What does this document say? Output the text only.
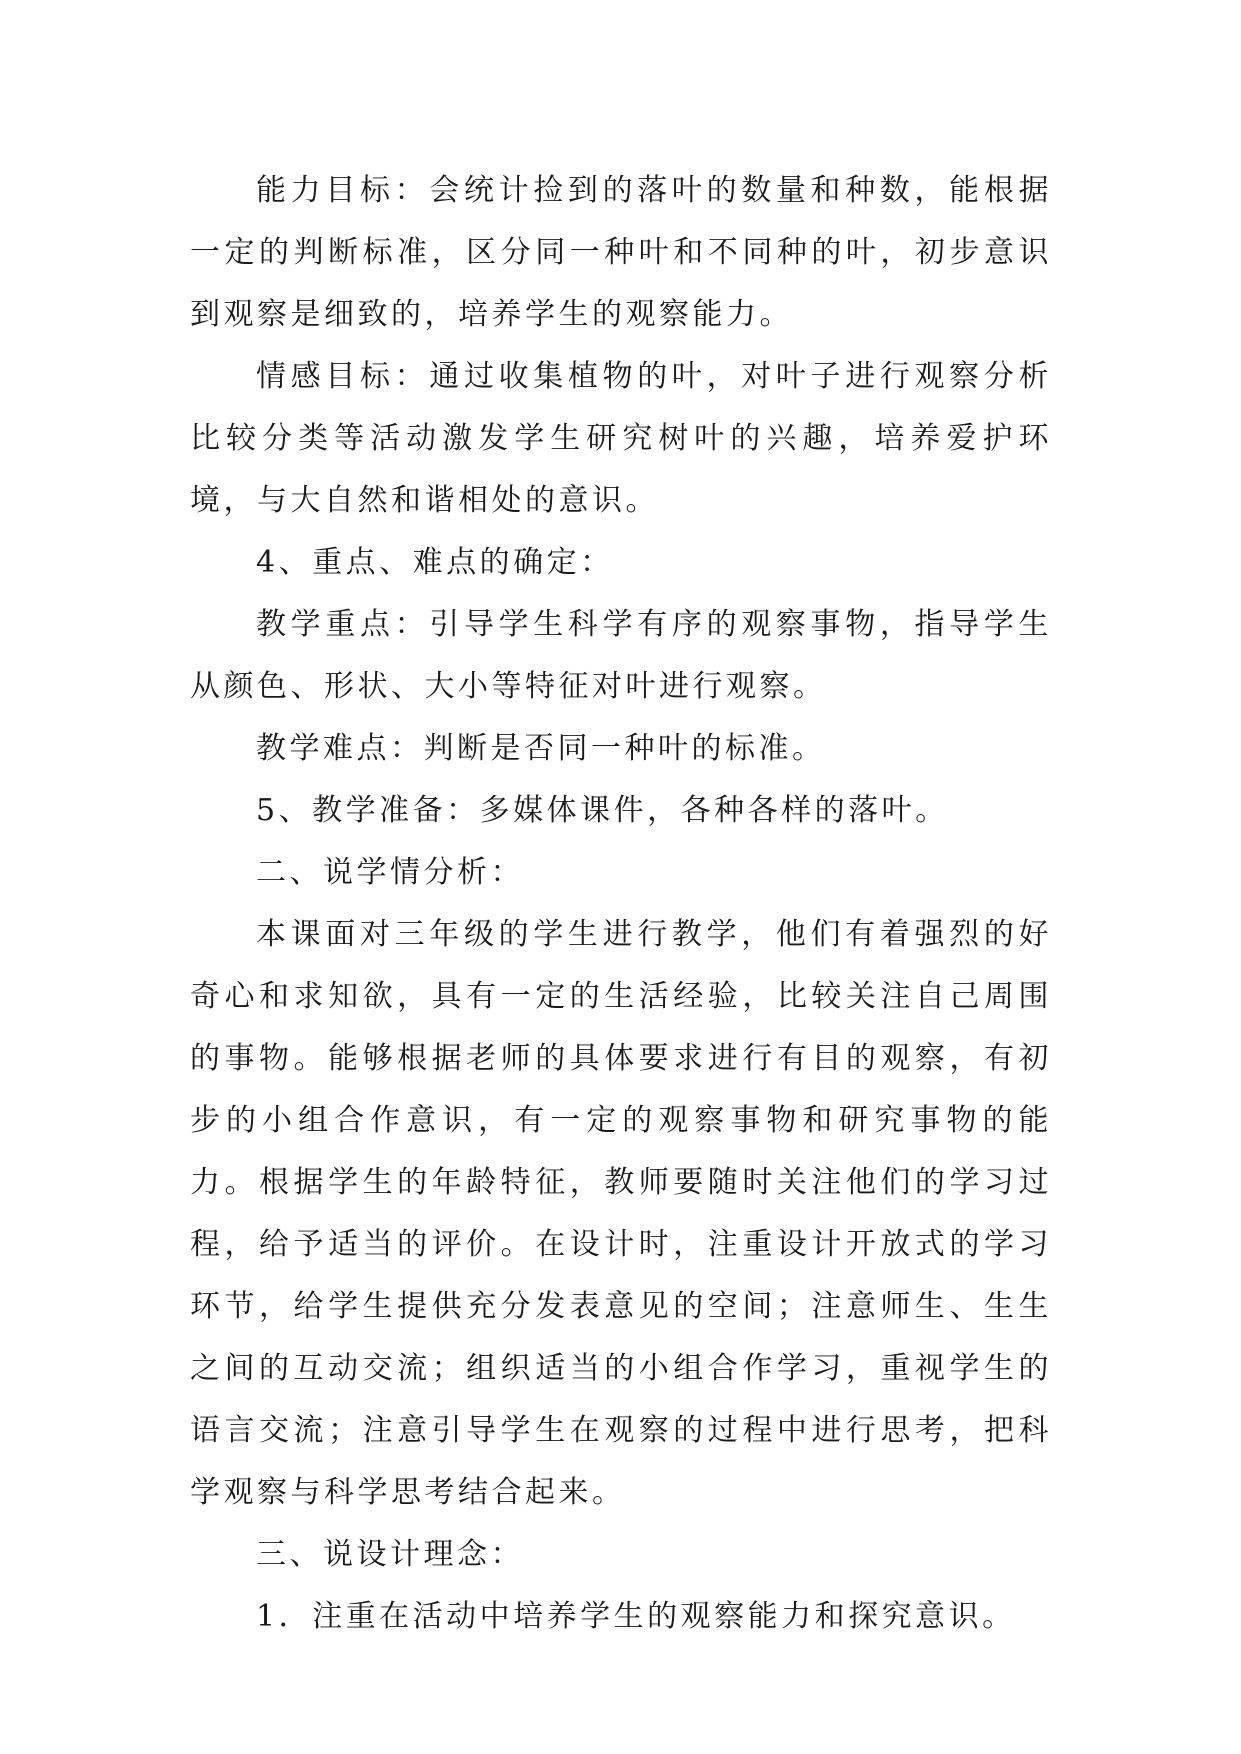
能力目标：会统计捡到的落叶的数量和种数，能根据一定的判断标准，区分同一种叶和不同种的叶，初步意识到观察是细致的，培养学生的观察能力。

情感目标：通过收集植物的叶，对叶子进行观察分析比较分类等活动激发学生研究树叶的兴趣，培养爱护环境，与大自然和谐相处的意识。

4、重点、难点的确定：

教学重点：引导学生科学有序的观察事物，指导学生从颜色、形状、大小等特征对叶进行观察。

教学难点：判断是否同一种叶的标准。

5、教学准备：多媒体课件，各种各样的落叶。

二、说学情分析：

本课面对三年级的学生进行教学，他们有着强烈的好奇心和求知欲，具有一定的生活经验，比较关注自己周围的事物。能够根据老师的具体要求进行有目的观察，有初步的小组合作意识，有一定的观察事物和研究事物的能力。根据学生的年龄特征，教师要随时关注他们的学习过程，给予适当的评价。在设计时，注重设计开放式的学习环节，给学生提供充分发表意见的空间；注意师生、生生之间的互动交流；组织适当的小组合作学习，重视学生的语言交流；注意引导学生在观察的过程中进行思考，把科学观察与科学思考结合起来。

三、说设计理念：

1．注重在活动中培养学生的观察能力和探究意识。
